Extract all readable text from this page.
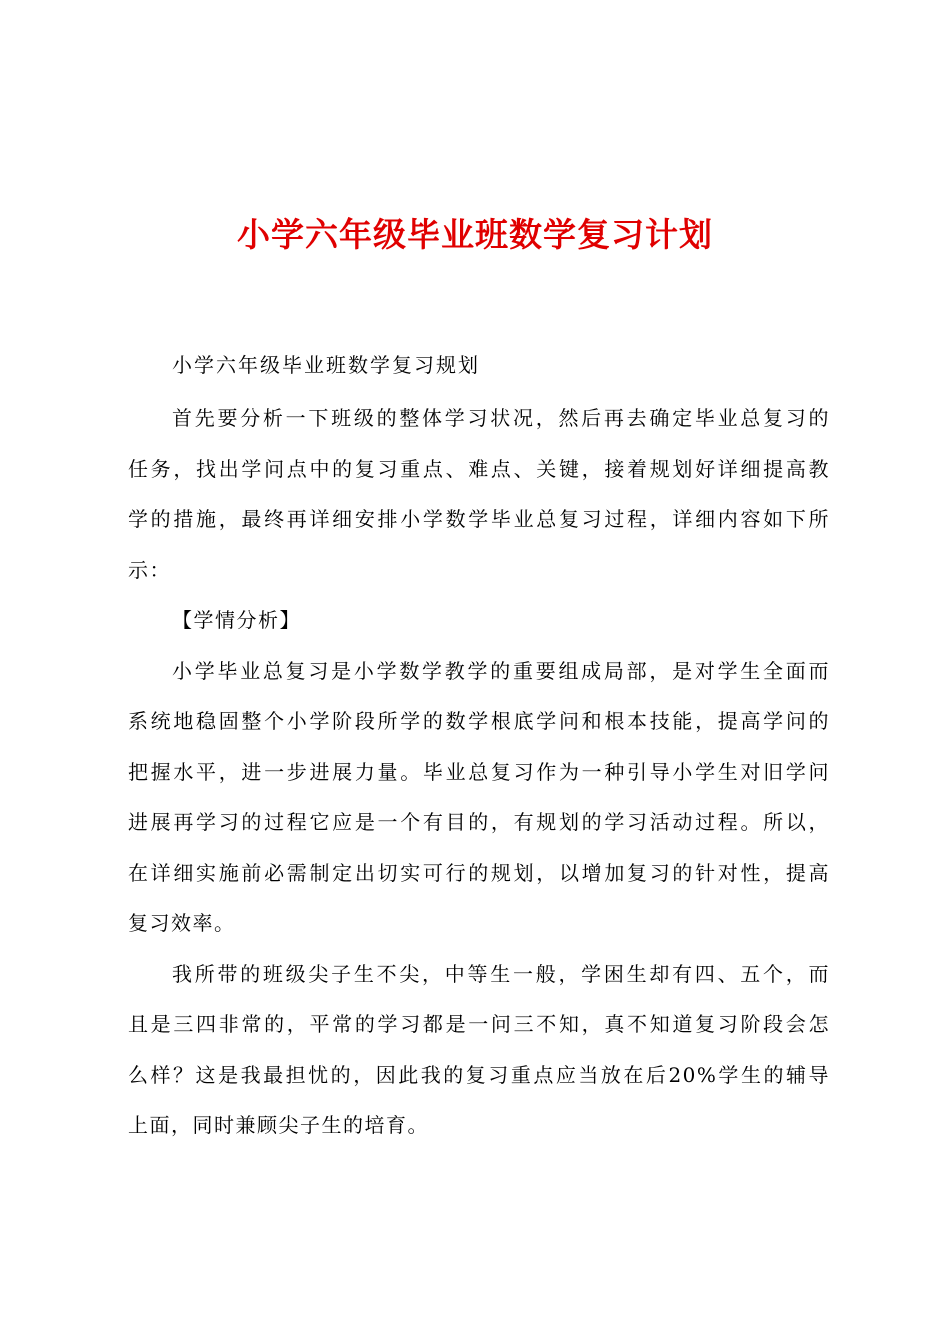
小学六年级毕业班数学复习计划
小学六年级毕业班数学复习规划
首先要分析一下班级的整体学习状况，然后再去确定毕业总复习的
任务，找出学问点中的复习重点、难点、关键，接着规划好详细提高教
学的措施，最终再详细安排小学数学毕业总复习过程，详细内容如下所
示：
【学情分析】
小学毕业总复习是小学数学教学的重要组成局部，是对学生全面而
系统地稳固整个小学阶段所学的数学根底学问和根本技能，提高学问的
把握水平，进一步进展力量。毕业总复习作为一种引导小学生对旧学问
进展再学习的过程它应是一个有目的，有规划的学习活动过程。所以，
在详细实施前必需制定出切实可行的规划，以增加复习的针对性，提高
复习效率。
我所带的班级尖子生不尖，中等生一般，学困生却有四、五个，而
且是三四非常的，平常的学习都是一问三不知，真不知道复习阶段会怎
么样？这是我最担忧的，因此我的复习重点应当放在后20%学生的辅导
上面，同时兼顾尖子生的培育。
